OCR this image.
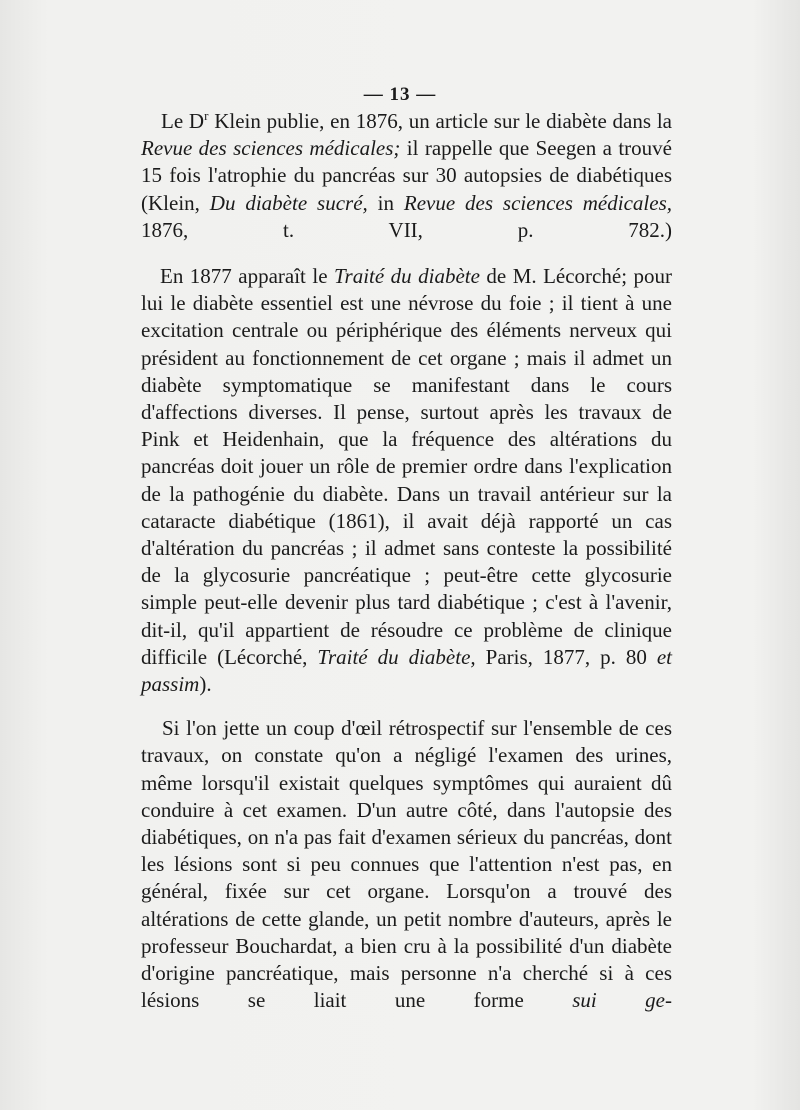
— 13 —

Le $D^r$ Klein publie, en 1876, un article sur le diabète dans la Revue des sciences médicales; il rappelle que Seegen a trouvé 15 fois l'atrophie du pancréas sur 30 autopsies de diabétiques (Klein, Du diabète sucré, in Revue des sciences médicales, 1876, t. VII, p. 782.)

En 1877 apparaît le Traité du diabète de M. Lécorché; pour lui le diabète essentiel est une névrose du foie ; il tient à une excitation centrale ou périphérique des éléments nerveux qui président au fonctionnement de cet organe ; mais il admet un diabète symptomatique se manifestant dans le cours d'affections diverses. Il pense, surtout après les travaux de Pink et Heidenhain, que la fréquence des altérations du pancréas doit jouer un rôle de premier ordre dans l'explication de la pathogénie du diabète. Dans un travail antérieur sur la cataracte diabétique (1861), il avait déjà rapporté un cas d'altération du pancréas ; il admet sans conteste la possibilité de la glycosurie pancréatique ; peut-être cette glycosurie simple peut-elle devenir plus tard diabétique ; c'est à l'avenir, dit-il, qu'il appartient de résoudre ce problème de clinique difficile (Lécorché, Traité du diabète, Paris, 1877, p. 80 et passim).

Si l'on jette un coup d'œil rétrospectif sur l'ensemble de ces travaux, on constate qu'on a négligé l'examen des urines, même lorsqu'il existait quelques symptômes qui auraient dû conduire à cet examen. D'un autre côté, dans l'autopsie des diabétiques, on n'a pas fait d'examen sérieux du pancréas, dont les lésions sont si peu connues que l'attention n'est pas, en général, fixée sur cet organe. Lorsqu'on a trouvé des altérations de cette glande, un petit nombre d'auteurs, après le professeur Bouchardat, a bien cru à la possibilité d'un diabète d'origine pancréatique, mais personne n'a cherché si à ces lésions se liait une forme sui ge-
